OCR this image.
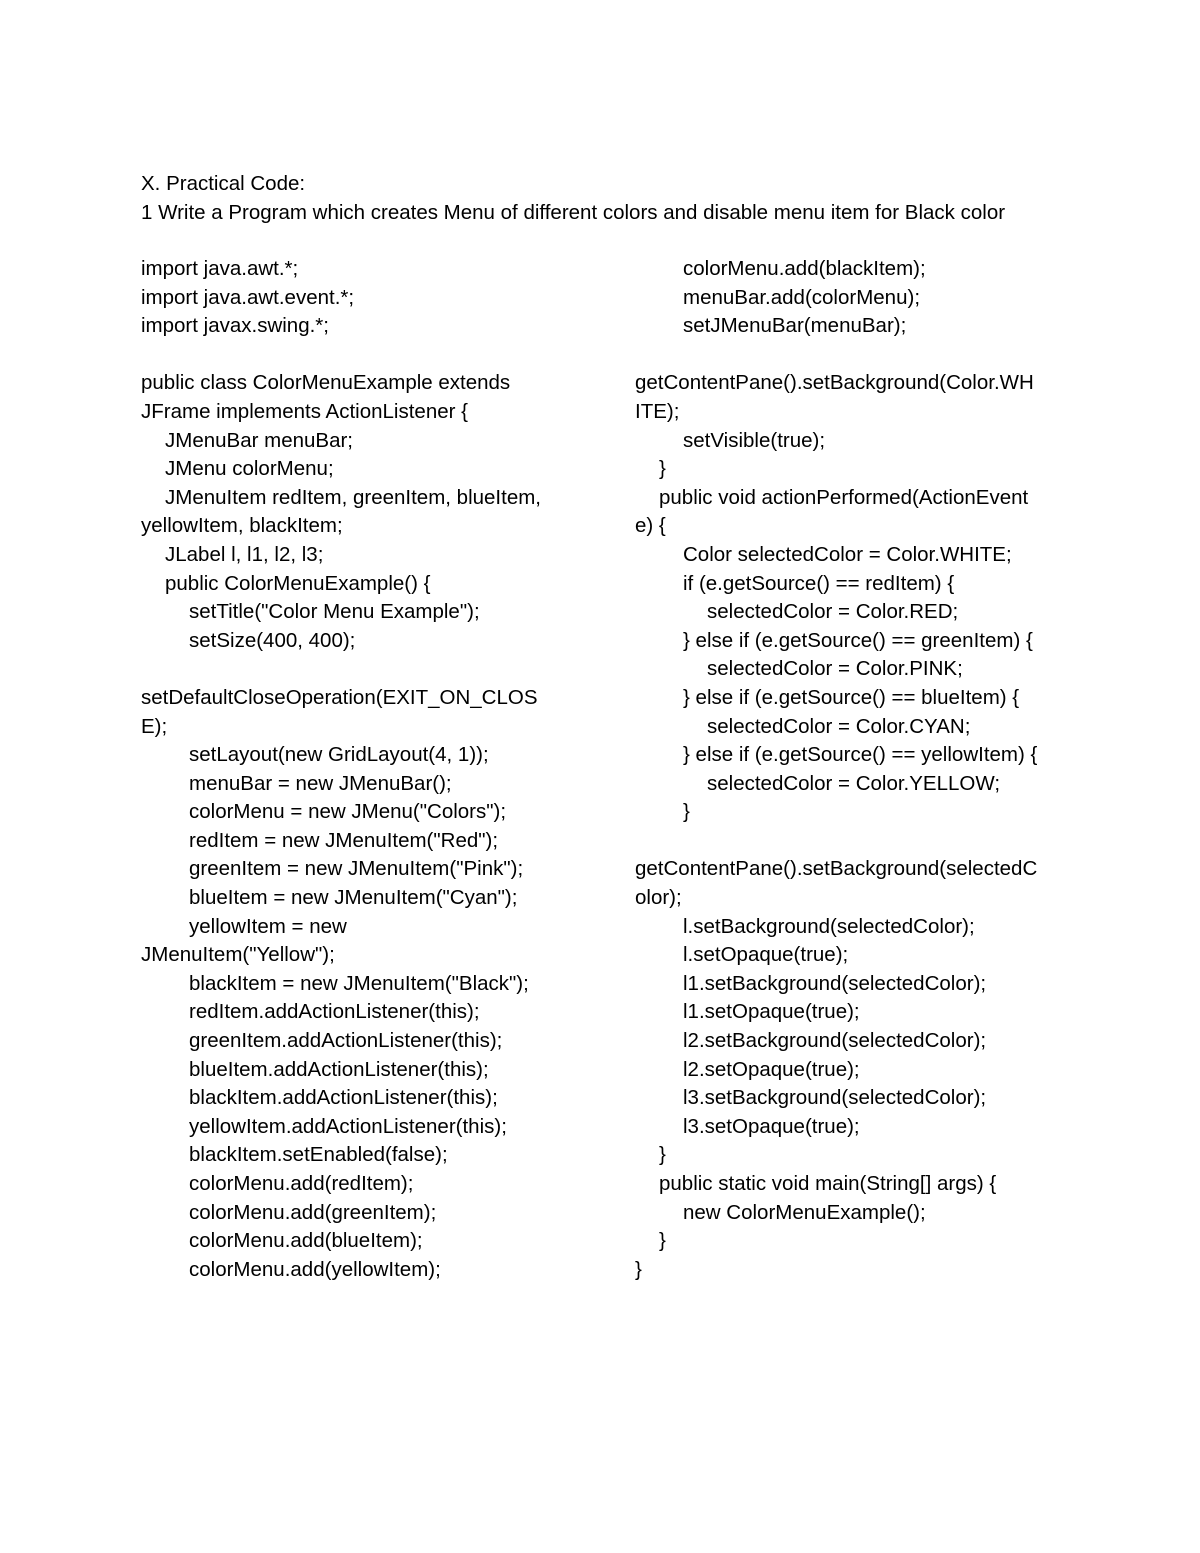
X. Practical Code:
1 Write a Program which creates Menu of different colors and disable menu item for Black color
import java.awt.*;
import java.awt.event.*;
import javax.swing.*;
public class ColorMenuExample extends
JFrame implements ActionListener {
JMenuBar menuBar;
JMenu colorMenu;
JMenuItem redItem, greenItem, blueItem,
yellowItem, blackItem;
JLabel l, l1, l2, l3;
public ColorMenuExample() {
setTitle("Color Menu Example");
setSize(400, 400);
setDefaultCloseOperation(EXIT_ON_CLOS
E);
setLayout(new GridLayout(4, 1));
menuBar = new JMenuBar();
colorMenu = new JMenu("Colors");
redItem = new JMenuItem("Red");
greenItem = new JMenuItem("Pink");
blueItem = new JMenuItem("Cyan");
yellowItem = new
JMenuItem("Yellow");
blackItem = new JMenuItem("Black");
redItem.addActionListener(this);
greenItem.addActionListener(this);
blueItem.addActionListener(this);
blackItem.addActionListener(this);
yellowItem.addActionListener(this);
blackItem.setEnabled(false);
colorMenu.add(redItem);
colorMenu.add(greenItem);
colorMenu.add(blueItem);
colorMenu.add(yellowItem);
colorMenu.add(blackItem);
menuBar.add(colorMenu);
setJMenuBar(menuBar);
getContentPane().setBackground(Color.WH
ITE);
setVisible(true);
}
public void actionPerformed(ActionEvent
e) {
Color selectedColor = Color.WHITE;
if (e.getSource() == redItem) {
selectedColor = Color.RED;
} else if (e.getSource() == greenItem) {
selectedColor = Color.PINK;
} else if (e.getSource() == blueItem) {
selectedColor = Color.CYAN;
} else if (e.getSource() == yellowItem) {
selectedColor = Color.YELLOW;
}
getContentPane().setBackground(selectedC
olor);
l.setBackground(selectedColor);
l.setOpaque(true);
l1.setBackground(selectedColor);
l1.setOpaque(true);
l2.setBackground(selectedColor);
l2.setOpaque(true);
l3.setBackground(selectedColor);
l3.setOpaque(true);
}
public static void main(String[] args) {
new ColorMenuExample();
}
}
